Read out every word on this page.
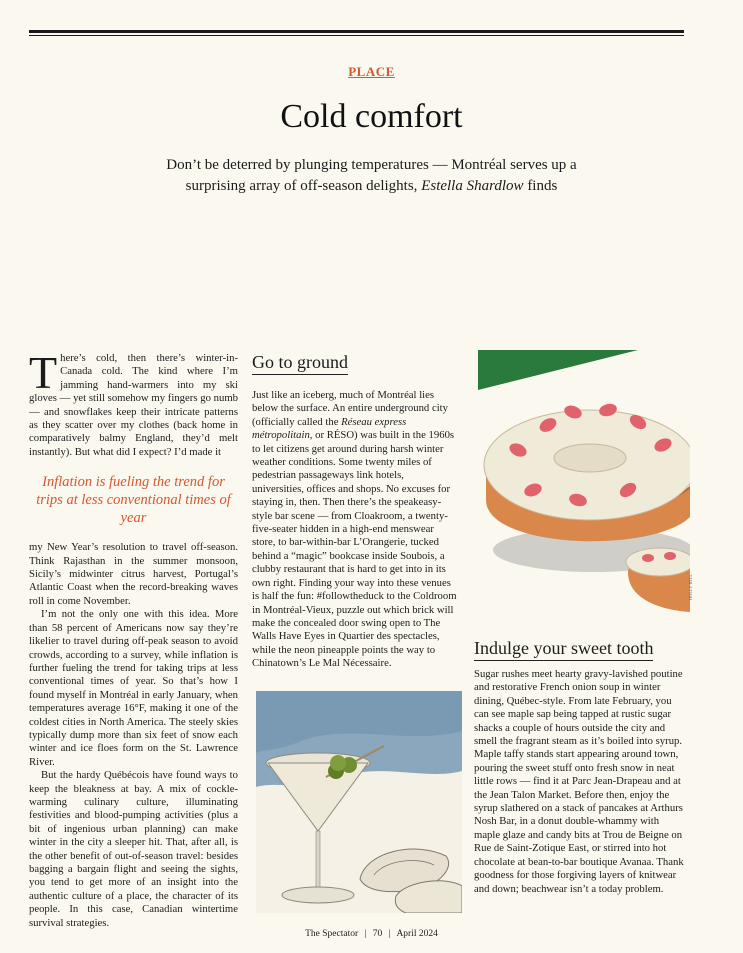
PLACE
Cold comfort
Don’t be deterred by plunging temperatures — Montréal serves up a surprising array of off-season delights, Estella Shardlow finds

There’s cold, then there’s winter-in-Canada cold. The kind where I’m jamming hand-warmers into my ski gloves — yet still somehow my fingers go numb — and snowflakes keep their intricate patterns as they scatter over my clothes (back home in comparatively balmy England, they’d melt instantly). But what did I expect? I’d made it

Inflation is fueling the trend for trips at less conventional times of year

my New Year’s resolution to travel off-season. Think Rajasthan in the summer monsoon, Sicily’s midwinter citrus harvest, Portugal’s Atlantic Coast when the record-breaking waves roll in come November.

I’m not the only one with this idea. More than 58 percent of Americans now say they’re likelier to travel during off-peak season to avoid crowds, according to a survey, while inflation is further fueling the trend for taking trips at less conventional times of year. So that’s how I found myself in Montréal in early January, when temperatures average 16°F, making it one of the coldest cities in North America. The steely skies typically dump more than six feet of snow each winter and ice floes form on the St. Lawrence River.

But the hardy Québécois have found ways to keep the bleakness at bay. A mix of cockle-warming culinary culture, illuminating festivities and blood-pumping activities (plus a bit of ingenious urban planning) can make winter in the city a sleeper hit. That, after all, is the other benefit of out-of-season travel: besides bagging a bargain flight and seeing the sights, you tend to get more of an insight into the authentic culture of a place, the character of its people. In this case, Canadian wintertime survival strategies.

Go to ground

Just like an iceberg, much of Montréal lies below the surface. An entire underground city (officially called the Réseau express métropolitain, or RÉSO) was built in the 1960s to let citizens get around during harsh winter weather conditions. Some twenty miles of pedestrian passageways link hotels, universities, offices and shops. No excuses for staying in, then. Then there’s the speakeasy-style bar scene — from Cloakroom, a twenty-five-seater hidden in a high-end menswear store, to bar-within-bar L’Orangerie, tucked behind a “magic” bookcase inside Soubois, a clubby restaurant that is hard to get into in its own right. Finding your way into these venues is half the fun: #followtheduck to the Coldroom in Montréal-Vieux, puzzle out which brick will make the concealed door swing open to The Walls Have Eyes in Quartier des spectacles, while the neon pineapple points the way to Chinatown’s Le Mal Nécessaire.

HOLLY HILL
Indulge your sweet tooth

Sugar rushes meet hearty gravy-lavished poutine and restorative French onion soup in winter dining, Québec-style. From late February, you can see maple sap being tapped at rustic sugar shacks a couple of hours outside the city and smell the fragrant steam as it’s boiled into syrup. Maple taffy stands start appearing around town, pouring the sweet stuff onto fresh snow in neat little rows — find it at Parc Jean-Drapeau and at the Jean Talon Market. Before then, enjoy the syrup slathered on a stack of pancakes at Arthurs Nosh Bar, in a donut double-whammy with maple glaze and candy bits at Trou de Beigne on Rue de Saint-Zotique East, or stirred into hot chocolate at bean-to-bar boutique Avanaa. Thank goodness for those forgiving layers of knitwear and down; beachwear isn’t a today problem.

The Spectator | 70 | April 2024
